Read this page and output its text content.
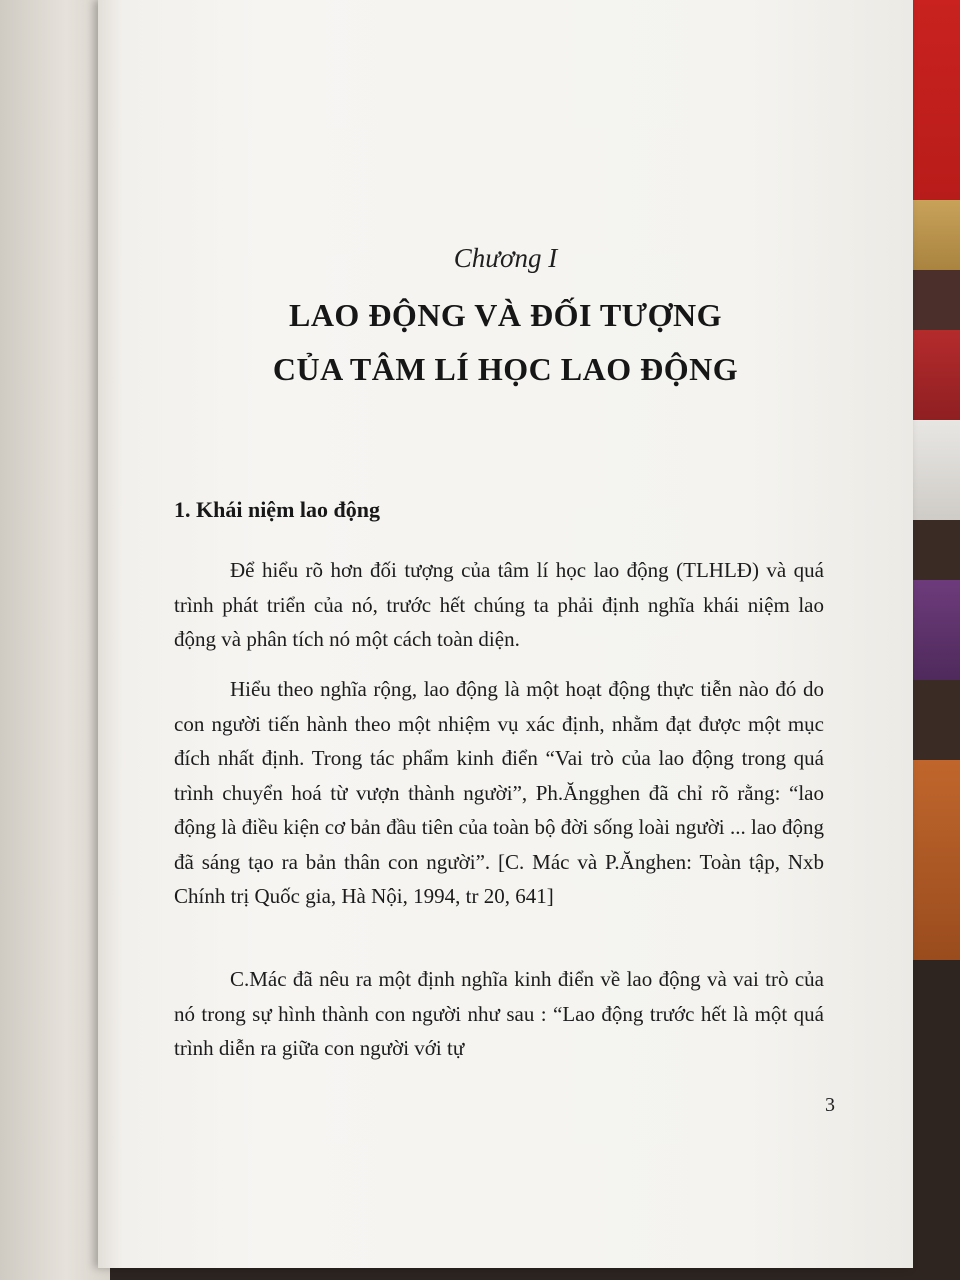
Chương I
LAO ĐỘNG VÀ ĐỐI TƯỢNG
CỦA TÂM LÍ HỌC LAO ĐỘNG
1. Khái niệm lao động

Để hiểu rõ hơn đối tượng của tâm lí học lao động (TLHLĐ) và quá trình phát triển của nó, trước hết chúng ta phải định nghĩa khái niệm lao động và phân tích nó một cách toàn diện.

Hiểu theo nghĩa rộng, lao động là một hoạt động thực tiễn nào đó do con người tiến hành theo một nhiệm vụ xác định, nhằm đạt được một mục đích nhất định. Trong tác phẩm kinh điển “Vai trò của lao động trong quá trình chuyển hoá từ vượn thành người”, Ph.Ăngghen đã chỉ rõ rằng: “lao động là điều kiện cơ bản đầu tiên của toàn bộ đời sống loài người ... lao động đã sáng tạo ra bản thân con người”. [C. Mác và P.Ănghen: Toàn tập, Nxb Chính trị Quốc gia, Hà Nội, 1994, tr 20, 641]

C.Mác đã nêu ra một định nghĩa kinh điển về lao động và vai trò của nó trong sự hình thành con người như sau : “Lao động trước hết là một quá trình diễn ra giữa con người với tự

3
